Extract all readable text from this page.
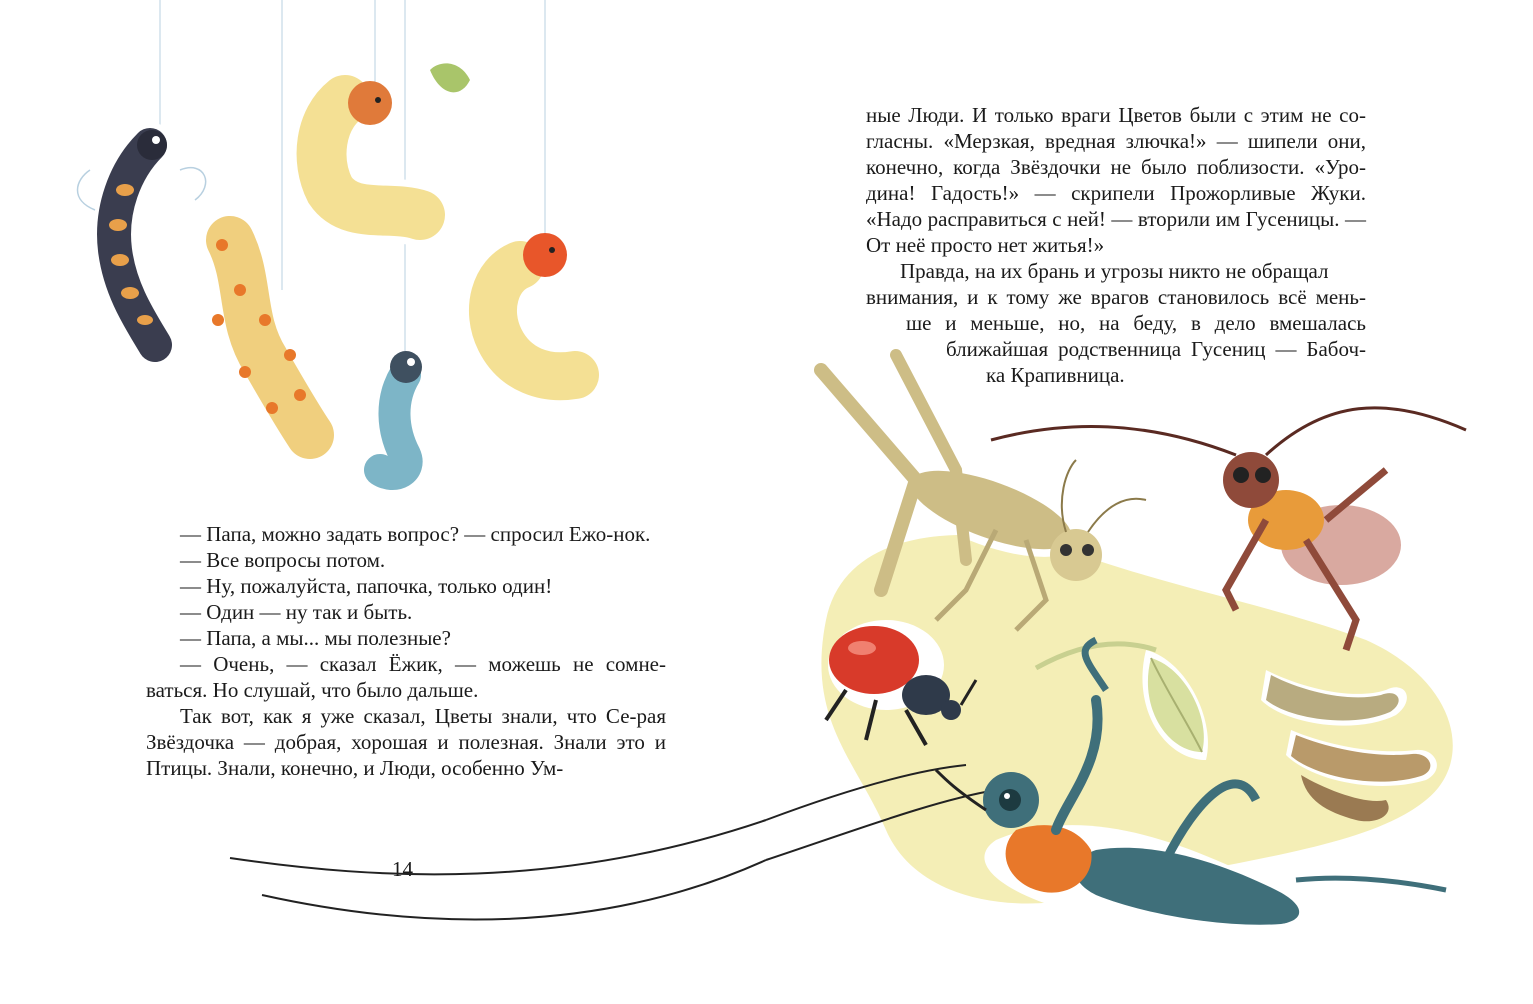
— Папа, можно задать вопрос? — спросил Ежо-нок.

— Все вопросы потом.

— Ну, пожалуйста, папочка, только один!

— Один — ну так и быть.

— Папа, а мы... мы полезные?

— Очень, — сказал Ёжик, — можешь не сомне-ваться. Но слушай, что было дальше.

Так вот, как я уже сказал, Цветы знали, что Се-рая Звёздочка — добрая, хорошая и полезная. Знали это и Птицы. Знали, конечно, и Люди, особенно Ум-

14

ные Люди. И только враги Цветов были с этим не со-гласны. «Мерзкая, вредная злючка!» — шипели они, конечно, когда Звёздочки не было поблизости. «Уро-дина! Гадость!» — скрипели Прожорливые Жуки. «Надо расправиться с ней! — вторили им Гусеницы. — От неё просто нет житья!»

Правда, на их брань и угрозы никто не обращал

внимания, и к тому же врагов становилось всё мень-

ше и меньше, но, на беду, в дело вмешалась

ближайшая родственница Гусениц — Бабоч-

ка Крапивница.
